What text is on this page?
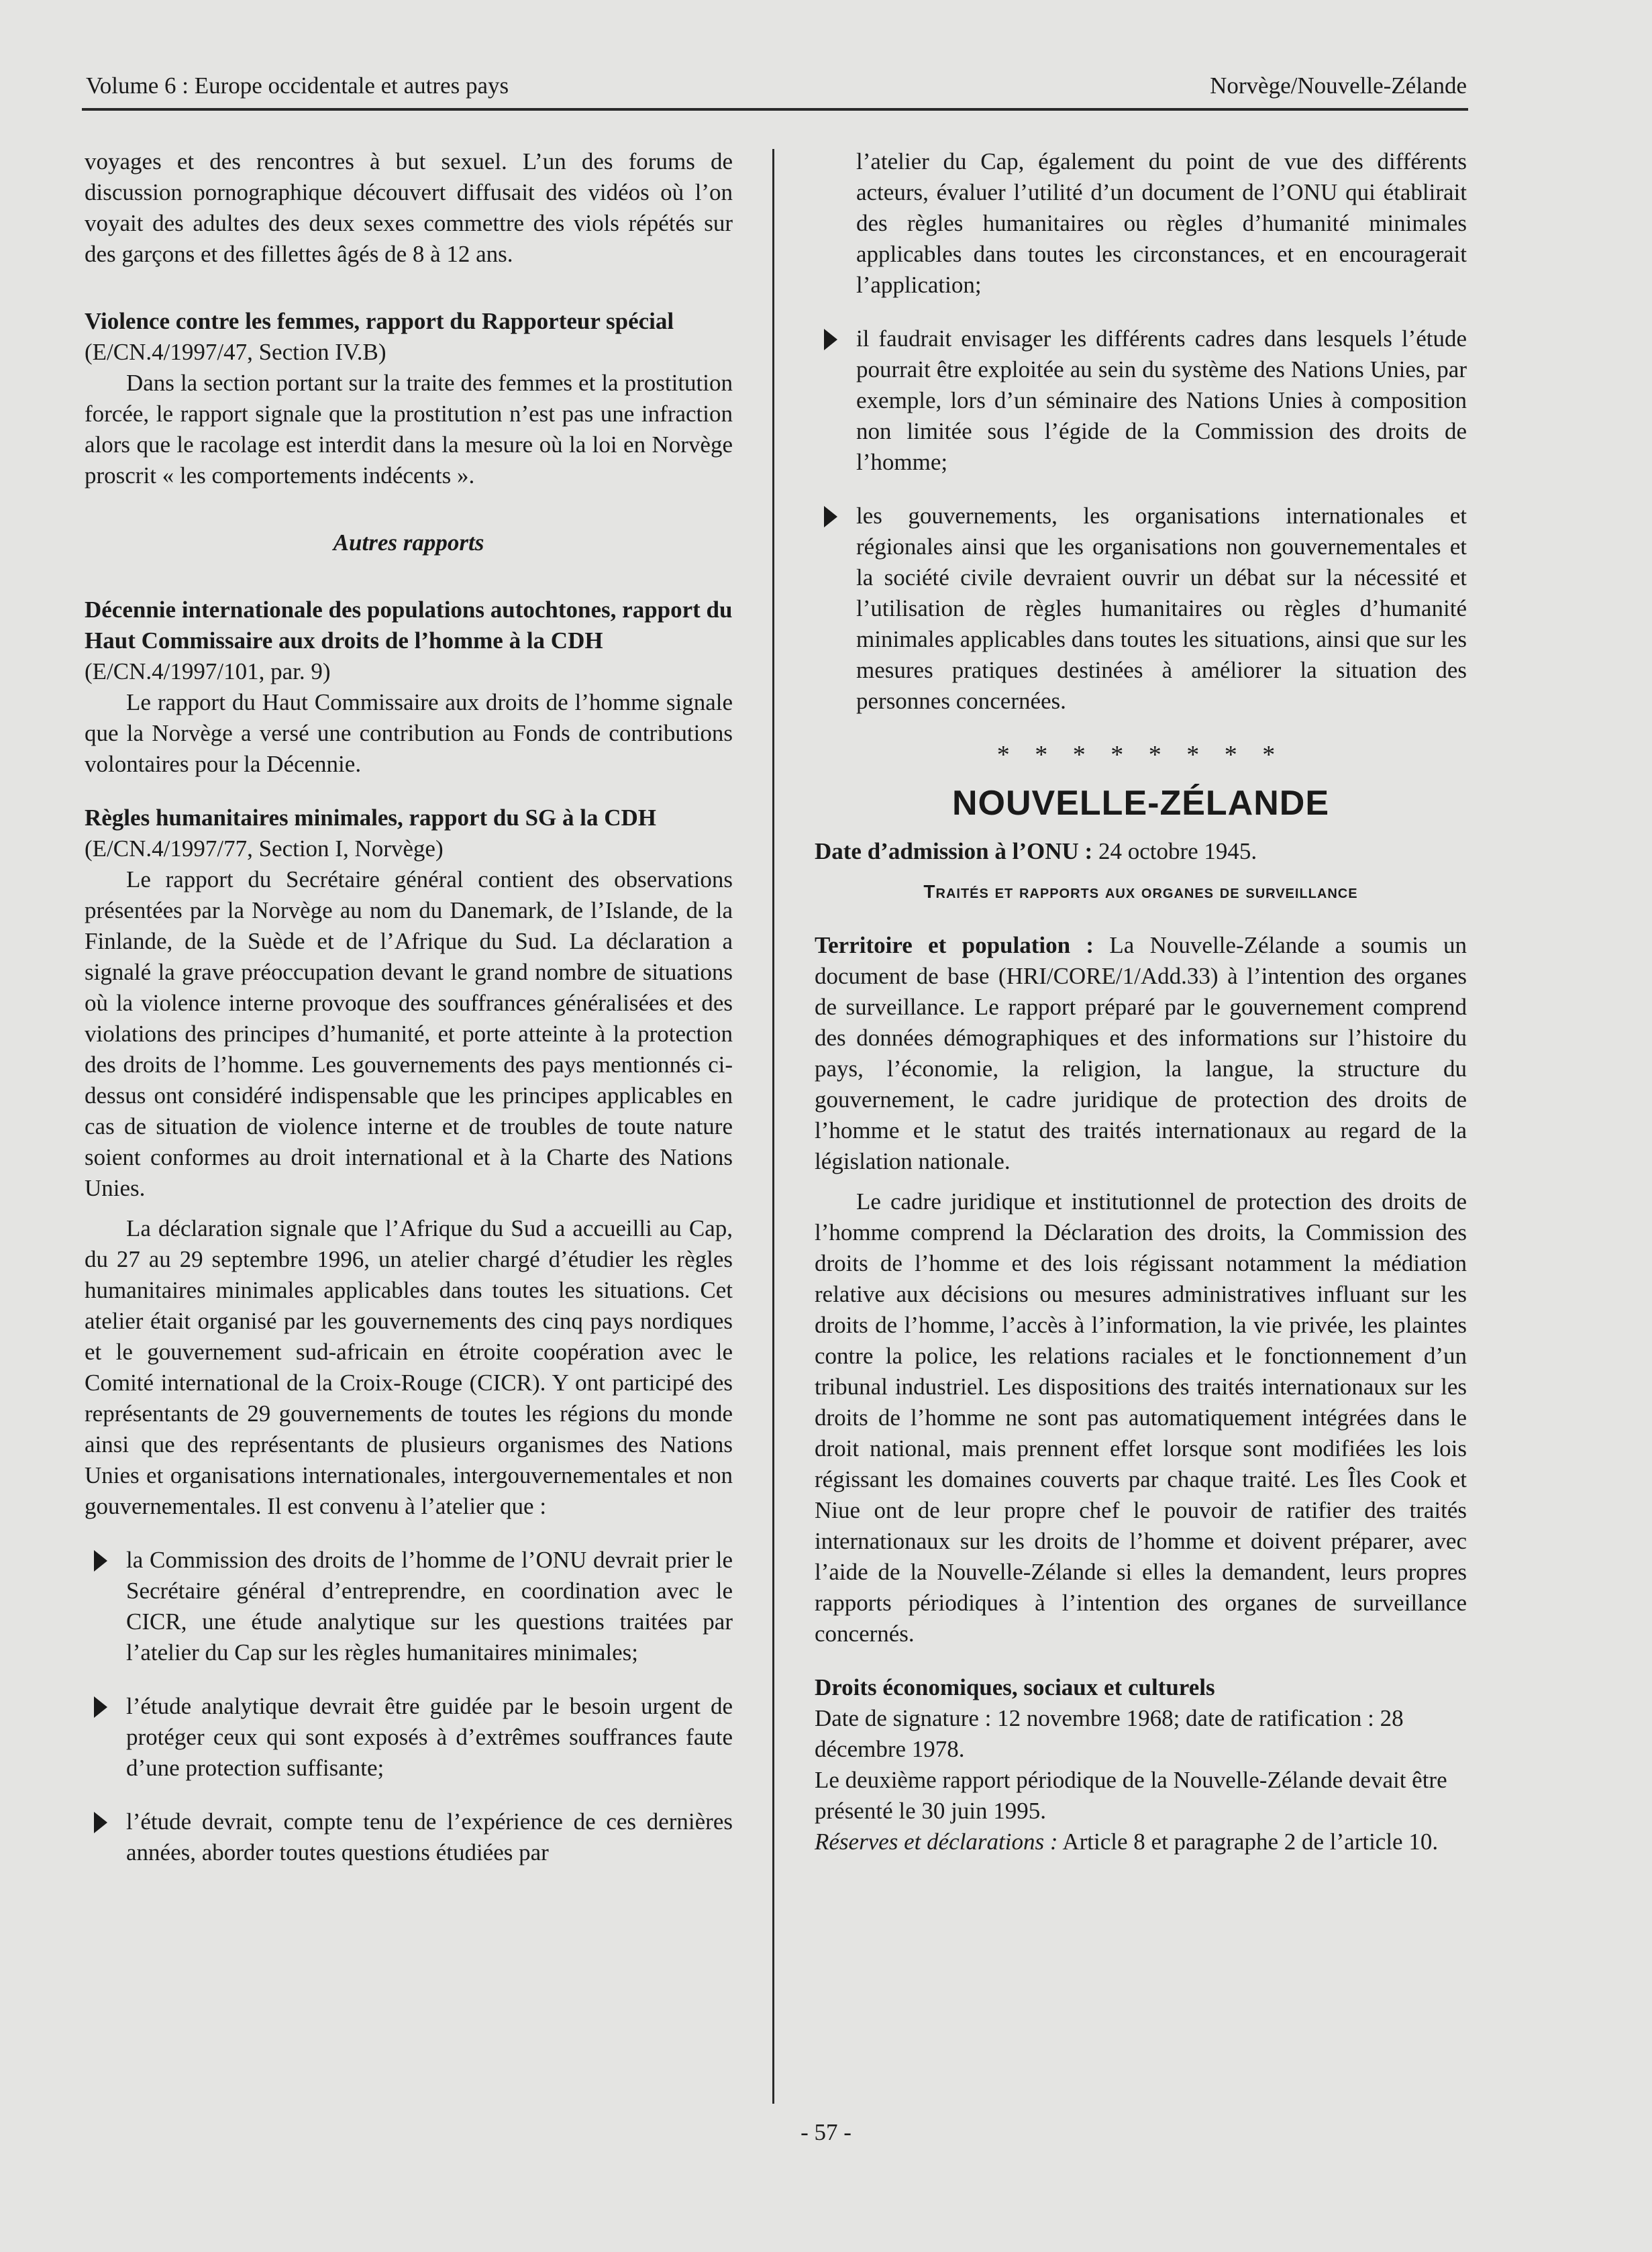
Volume 6 : Europe occidentale et autres pays	Norvège/Nouvelle-Zélande

voyages et des rencontres à but sexuel. L’un des forums de discussion pornographique découvert diffusait des vidéos où l’on voyait des adultes des deux sexes commettre des viols répétés sur des garçons et des fillettes âgés de 8 à 12 ans.

Violence contre les femmes, rapport du Rapporteur spécial (E/CN.4/1997/47, Section IV.B)

Dans la section portant sur la traite des femmes et la prostitution forcée, le rapport signale que la prostitution n’est pas une infraction alors que le racolage est interdit dans la mesure où la loi en Norvège proscrit « les comportements indécents ».

Autres rapports

Décennie internationale des populations autochtones, rapport du Haut Commissaire aux droits de l’homme à la CDH (E/CN.4/1997/101, par. 9)

Le rapport du Haut Commissaire aux droits de l’homme signale que la Norvège a versé une contribution au Fonds de contributions volontaires pour la Décennie.

Règles humanitaires minimales, rapport du SG à la CDH (E/CN.4/1997/77, Section I, Norvège)

Le rapport du Secrétaire général contient des observations présentées par la Norvège au nom du Danemark, de l’Islande, de la Finlande, de la Suède et de l’Afrique du Sud. La déclaration a signalé la grave préoccupation devant le grand nombre de situations où la violence interne provoque des souffrances généralisées et des violations des principes d’humanité, et porte atteinte à la protection des droits de l’homme. Les gouvernements des pays mentionnés ci-dessus ont considéré indispensable que les principes applicables en cas de situation de violence interne et de troubles de toute nature soient conformes au droit international et à la Charte des Nations Unies.

La déclaration signale que l’Afrique du Sud a accueilli au Cap, du 27 au 29 septembre 1996, un atelier chargé d’étudier les règles humanitaires minimales applicables dans toutes les situations. Cet atelier était organisé par les gouvernements des cinq pays nordiques et le gouvernement sud-africain en étroite coopération avec le Comité international de la Croix-Rouge (CICR). Y ont participé des représentants de 29 gouvernements de toutes les régions du monde ainsi que des représentants de plusieurs organismes des Nations Unies et organisations internationales, intergouvernementales et non gouvernementales. Il est convenu à l’atelier que :

la Commission des droits de l’homme de l’ONU devrait prier le Secrétaire général d’entreprendre, en coordination avec le CICR, une étude analytique sur les questions traitées par l’atelier du Cap sur les règles humanitaires minimales;

l’étude analytique devrait être guidée par le besoin urgent de protéger ceux qui sont exposés à d’extrêmes souffrances faute d’une protection suffisante;

l’étude devrait, compte tenu de l’expérience de ces dernières années, aborder toutes questions étudiées par

l’atelier du Cap, également du point de vue des différents acteurs, évaluer l’utilité d’un document de l’ONU qui établirait des règles humanitaires ou règles d’humanité minimales applicables dans toutes les circonstances, et en encouragerait l’application;

il faudrait envisager les différents cadres dans lesquels l’étude pourrait être exploitée au sein du système des Nations Unies, par exemple, lors d’un séminaire des Nations Unies à composition non limitée sous l’égide de la Commission des droits de l’homme;

les gouvernements, les organisations internationales et régionales ainsi que les organisations non gouvernementales et la société civile devraient ouvrir un débat sur la nécessité et l’utilisation de règles humanitaires ou règles d’humanité minimales applicables dans toutes les situations, ainsi que sur les mesures pratiques destinées à améliorer la situation des personnes concernées.

* * * * * * * *

NOUVELLE-ZÉLANDE

Date d’admission à l’ONU : 24 octobre 1945.

Traités et rapports aux organes de surveillance

Territoire et population : La Nouvelle-Zélande a soumis un document de base (HRI/CORE/1/Add.33) à l’intention des organes de surveillance. Le rapport préparé par le gouvernement comprend des données démographiques et des informations sur l’histoire du pays, l’économie, la religion, la langue, la structure du gouvernement, le cadre juridique de protection des droits de l’homme et le statut des traités internationaux au regard de la législation nationale.

Le cadre juridique et institutionnel de protection des droits de l’homme comprend la Déclaration des droits, la Commission des droits de l’homme et des lois régissant notamment la médiation relative aux décisions ou mesures administratives influant sur les droits de l’homme, l’accès à l’information, la vie privée, les plaintes contre la police, les relations raciales et le fonctionnement d’un tribunal industriel. Les dispositions des traités internationaux sur les droits de l’homme ne sont pas automatiquement intégrées dans le droit national, mais prennent effet lorsque sont modifiées les lois régissant les domaines couverts par chaque traité. Les Îles Cook et Niue ont de leur propre chef le pouvoir de ratifier des traités internationaux sur les droits de l’homme et doivent préparer, avec l’aide de la Nouvelle-Zélande si elles la demandent, leurs propres rapports périodiques à l’intention des organes de surveillance concernés.

Droits économiques, sociaux et culturels

Date de signature : 12 novembre 1968; date de ratification : 28 décembre 1978.

Le deuxième rapport périodique de la Nouvelle-Zélande devait être présenté le 30 juin 1995.

Réserves et déclarations : Article 8 et paragraphe 2 de l’article 10.

- 57 -
